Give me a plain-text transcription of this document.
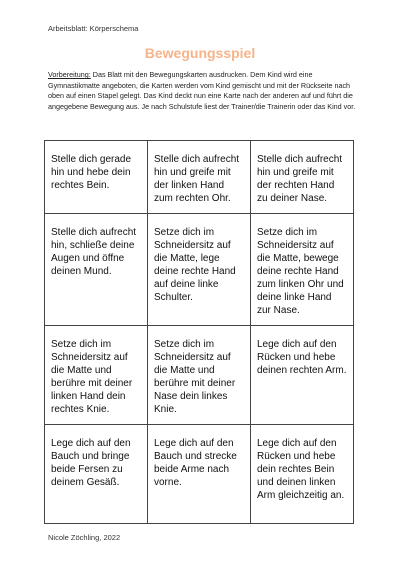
Arbeitsblatt: Körperschema
Bewegungsspiel
Vorbereitung: Das Blatt mit den Bewegungskarten ausdrucken. Dem Kind wird eine Gymnastikmatte angeboten, die Karten werden vom Kind gemischt und mit der Rückseite nach oben auf einen Stapel gelegt. Das Kind deckt nun eine Karte nach der anderen auf und führt die angegebene Bewegung aus. Je nach Schulstufe liest der Trainer/die Trainerin oder das Kind vor.
Stelle dich gerade hin und hebe dein rechtes Bein.	Stelle dich aufrecht hin und greife mit der linken Hand zum rechten Ohr.	Stelle dich aufrecht hin und greife mit der rechten Hand zu deiner Nase.
Stelle dich aufrecht hin, schließe deine Augen und öffne deinen Mund.	Setze dich im Schneidersitz auf die Matte, lege deine rechte Hand auf deine linke Schulter.	Setze dich im Schneidersitz auf die Matte, bewege deine rechte Hand zum linken Ohr und deine linke Hand zur Nase.
Setze dich im Schneidersitz auf die Matte und berühre mit deiner linken Hand dein rechtes Knie.	Setze dich im Schneidersitz auf die Matte und berühre mit deiner Nase dein linkes Knie.	Lege dich auf den Rücken und hebe deinen rechten Arm.
Lege dich auf den Bauch und bringe beide Fersen zu deinem Gesäß.	Lege dich auf den Bauch und strecke beide Arme nach vorne.	Lege dich auf den Rücken und hebe dein rechtes Bein und deinen linken Arm gleichzeitig an.
Nicole Zöchling, 2022
